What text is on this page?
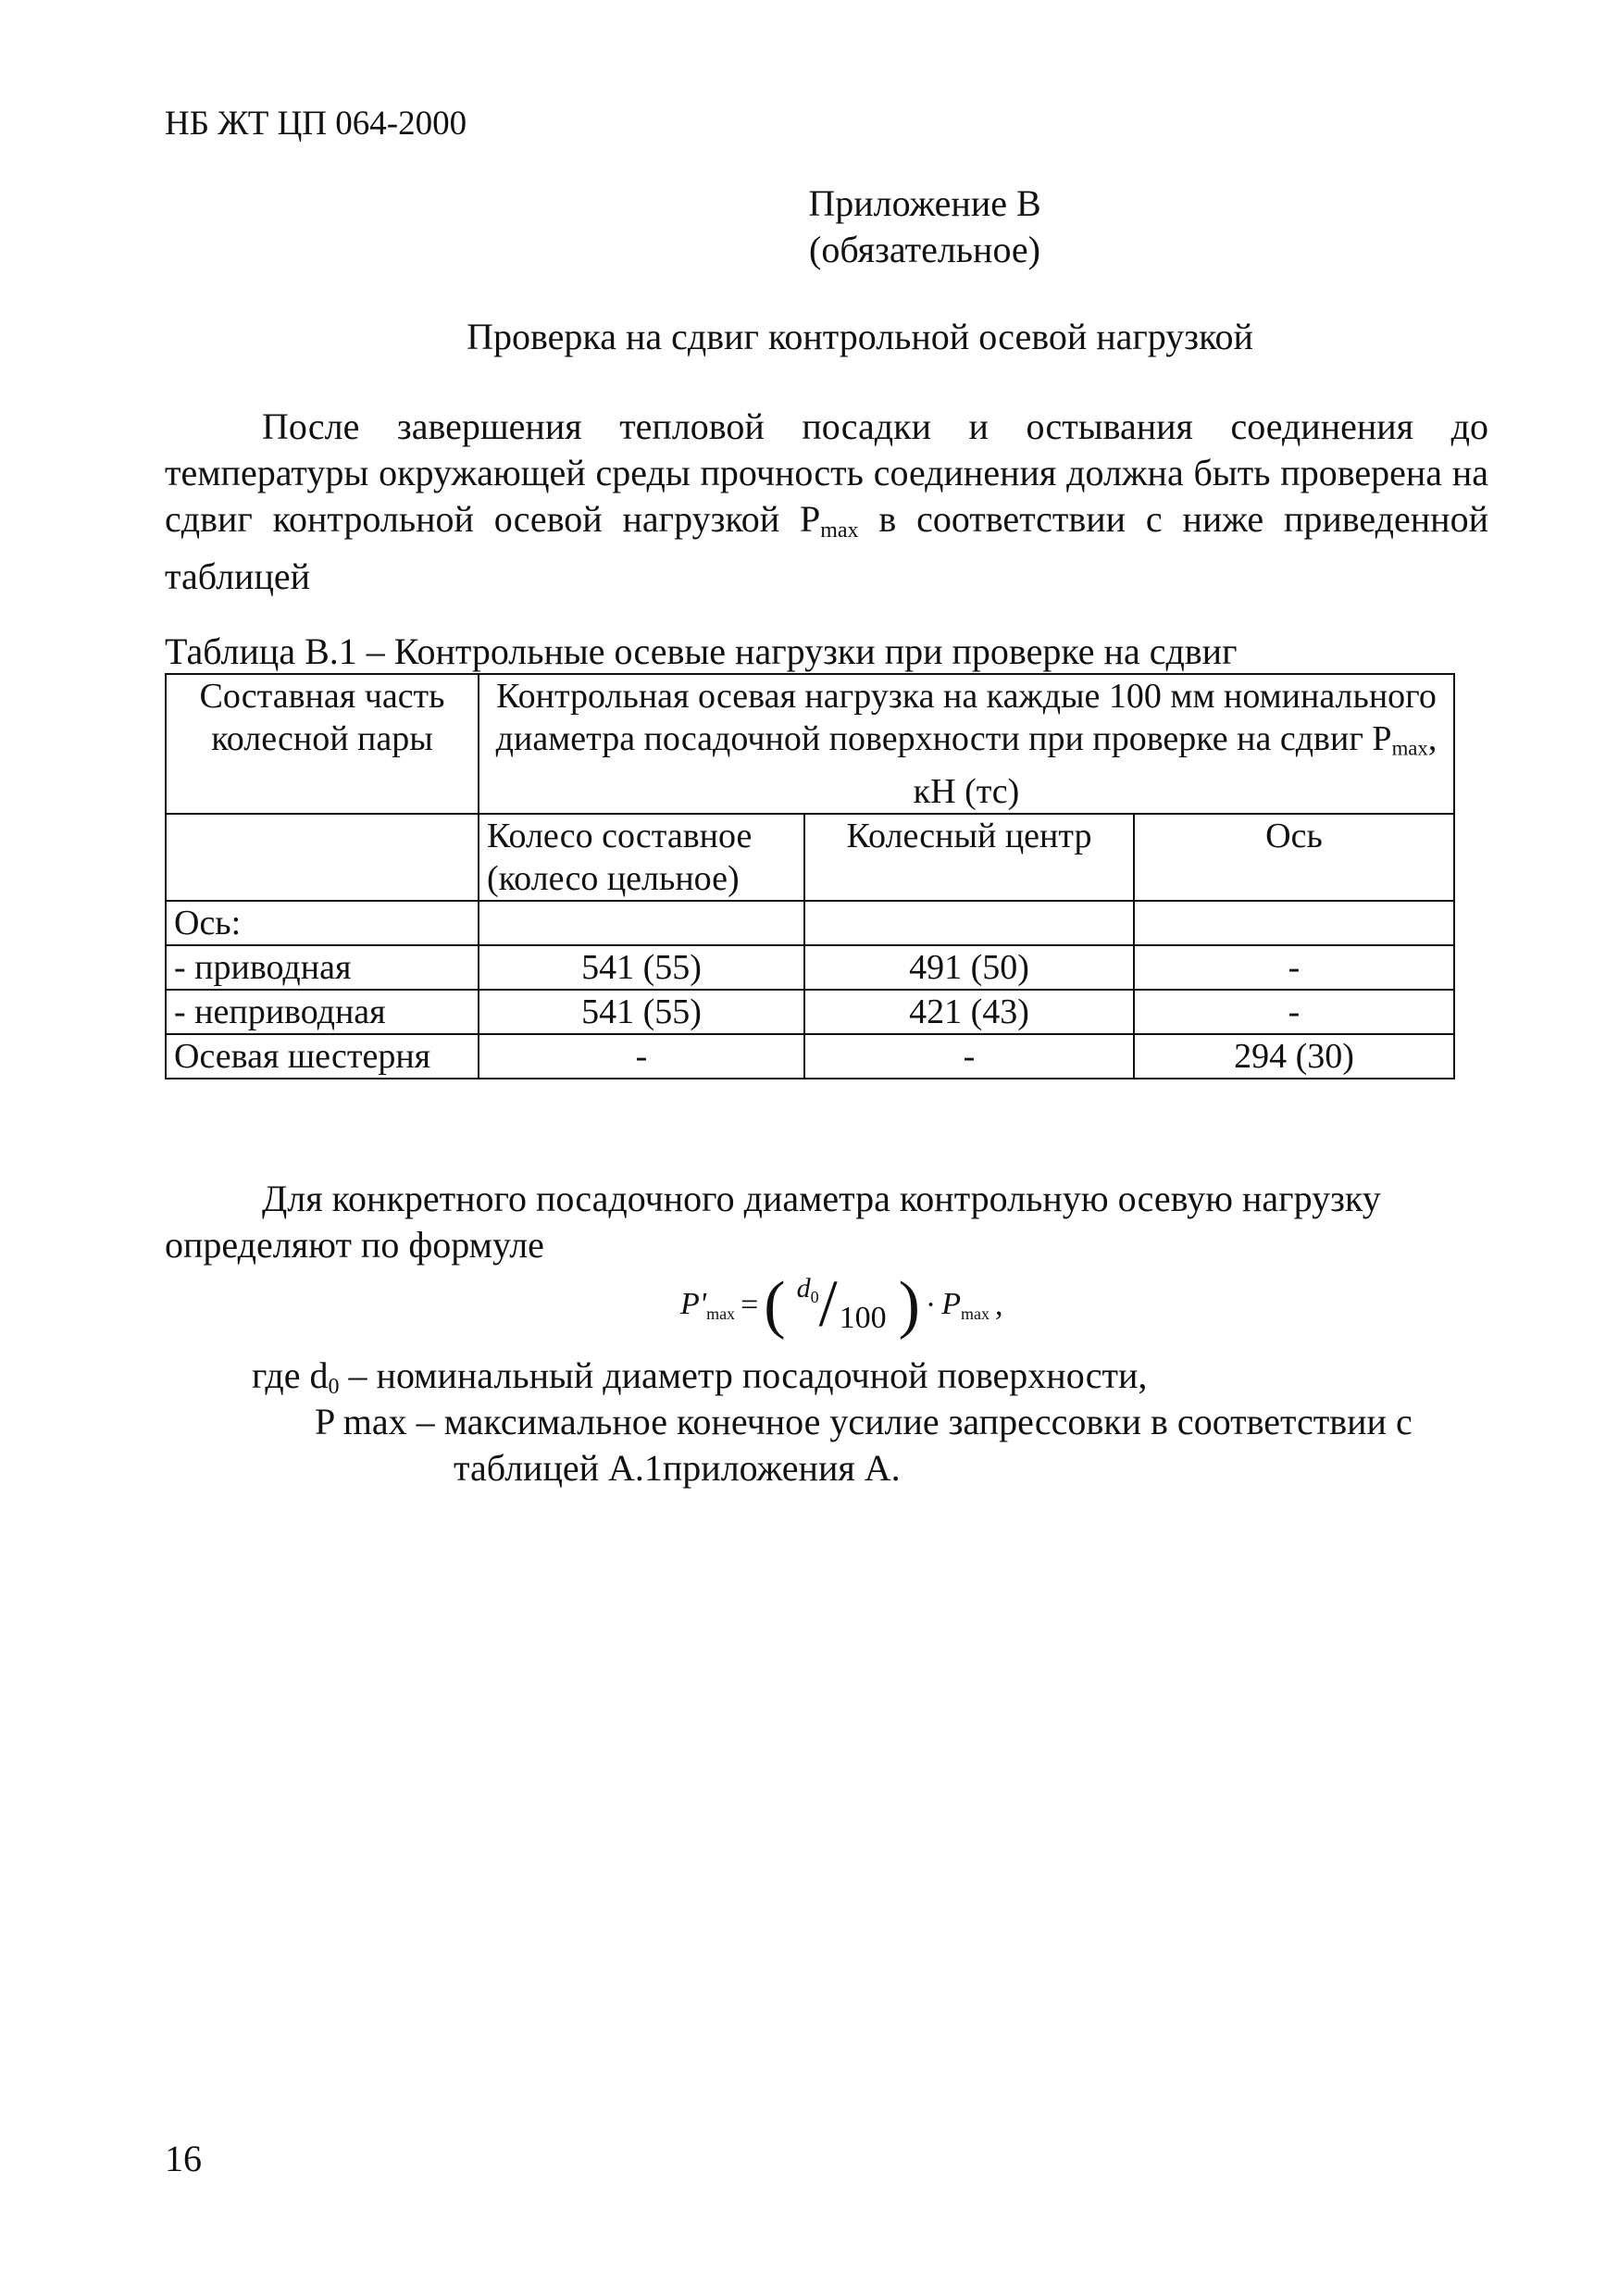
НБ ЖТ ЦП 064-2000
Приложение В
(обязательное)
Проверка на сдвиг контрольной осевой нагрузкой
После завершения тепловой посадки и остывания соединения до температуры окружающей среды прочность соединения должна быть проверена на сдвиг контрольной осевой нагрузкой $P_{max}$ в соответствии с ниже приведенной таблицей
Таблица В.1 – Контрольные осевые нагрузки при проверке на сдвиг
Составная часть колесной пары	Контрольная осевая нагрузка на каждые 100 мм номинального диаметра посадочной поверхности при проверке на сдвиг $P_{max}$, кН (тс)		
	Колесо составное (колесо цельное)	Колесный центр	Ось
Ось:			
- приводная	541 (55)	491 (50)	-
- неприводная	541 (55)	421 (43)	-
Осевая шестерня	-	-	294 (30)
Для конкретного посадочного диаметра контрольную осевую нагрузку определяют по формуле
P'max = ( $d_0 / 100$ ) · Pmax ,
где $d_0$ – номинальный диаметр посадочной поверхности,
P max – максимальное конечное усилие запрессовки в соответствии с
таблицей А.1приложения А.
16
